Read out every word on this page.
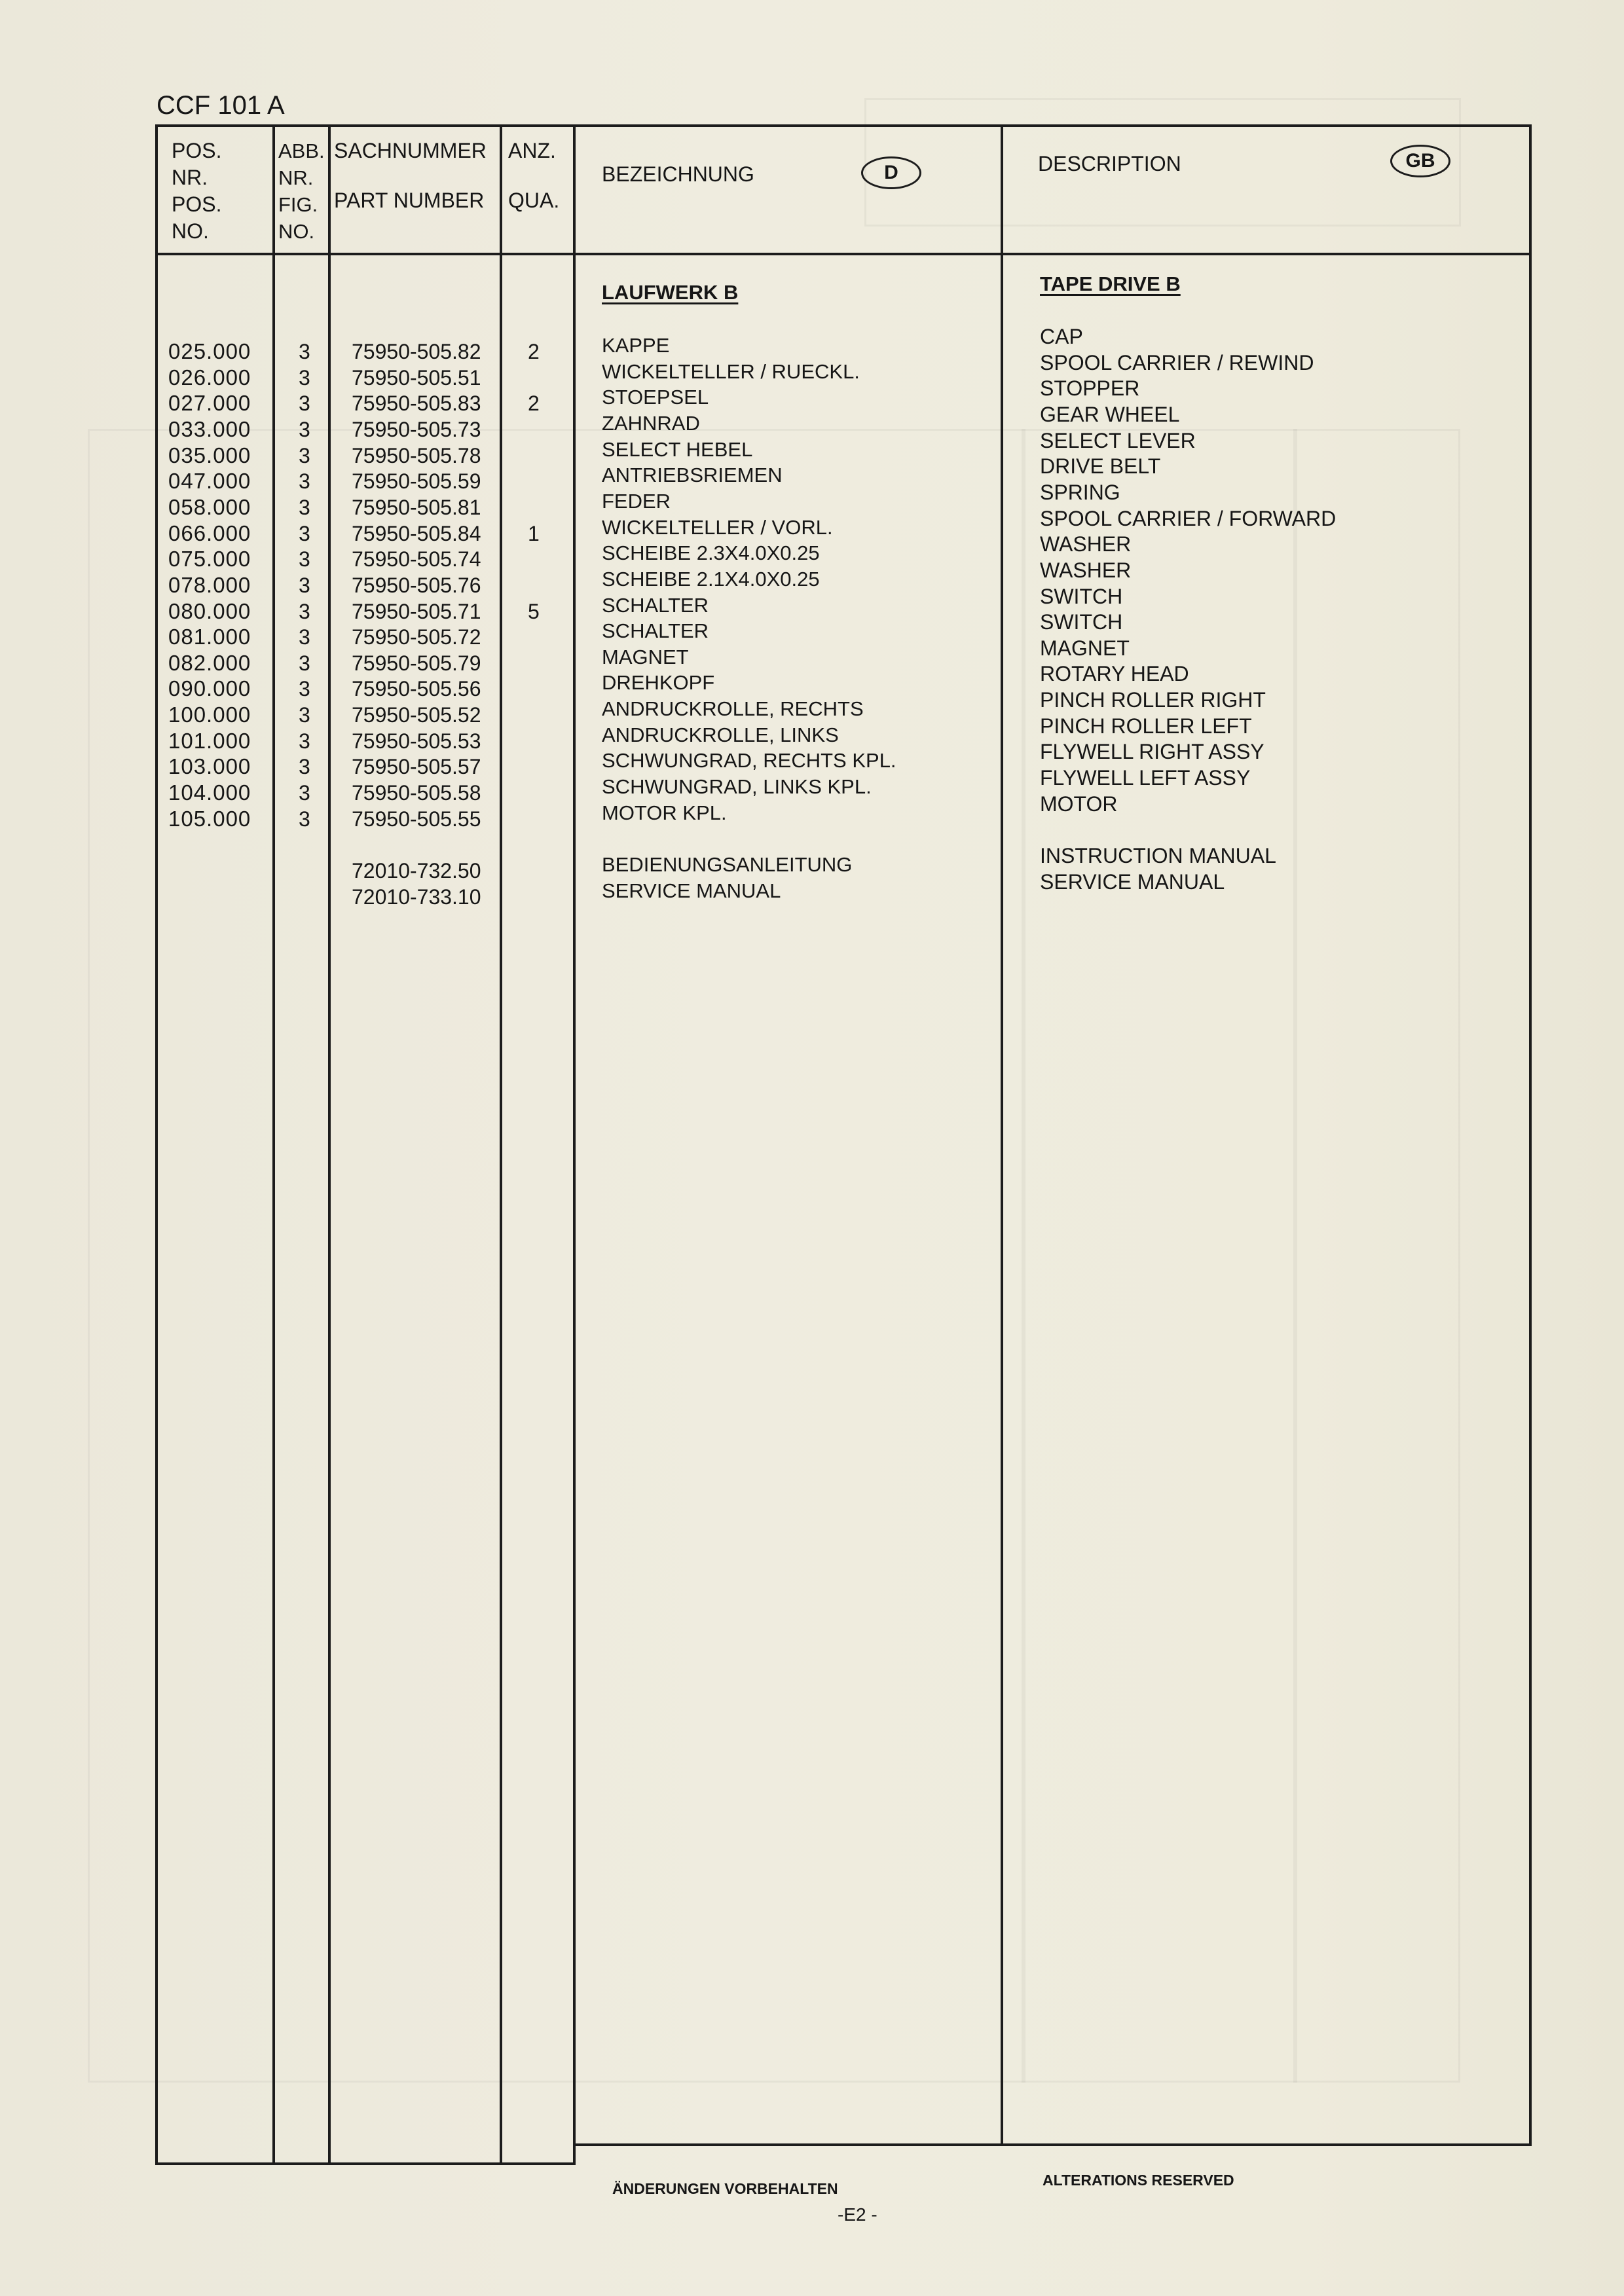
CCF 101 A
POS.
NR.
POS.
NO.
ABB.
NR.
FIG.
NO.
SACHNUMMER
PART NUMBER
ANZ.
QUA.
BEZEICHNUNG	D	DESCRIPTION	GB
LAUFWERK B	TAPE DRIVE B
025.000 3 75950-505.82 2	KAPPE	CAP
026.000 3 75950-505.51	WICKELTELLER / RUECKL.	SPOOL CARRIER / REWIND
027.000 3 75950-505.83 2	STOEPSEL	STOPPER
033.000 3 75950-505.73	ZAHNRAD	GEAR WHEEL
035.000 3 75950-505.78	SELECT HEBEL	SELECT LEVER
047.000 3 75950-505.59	ANTRIEBSRIEMEN	DRIVE BELT
058.000 3 75950-505.81	FEDER	SPRING
066.000 3 75950-505.84 1	WICKELTELLER / VORL.	SPOOL CARRIER / FORWARD
075.000 3 75950-505.74	SCHEIBE 2.3X4.0X0.25	WASHER
078.000 3 75950-505.76	SCHEIBE 2.1X4.0X0.25	WASHER
080.000 3 75950-505.71 5	SCHALTER	SWITCH
081.000 3 75950-505.72	SCHALTER	SWITCH
082.000 3 75950-505.79	MAGNET	MAGNET
090.000 3 75950-505.56	DREHKOPF	ROTARY HEAD
100.000 3 75950-505.52	ANDRUCKROLLE, RECHTS	PINCH ROLLER RIGHT
101.000 3 75950-505.53	ANDRUCKROLLE, LINKS	PINCH ROLLER LEFT
103.000 3 75950-505.57	SCHWUNGRAD, RECHTS KPL.	FLYWELL RIGHT ASSY
104.000 3 75950-505.58	SCHWUNGRAD, LINKS KPL.	FLYWELL LEFT ASSY
105.000 3 75950-505.55	MOTOR KPL.	MOTOR
72010-732.50	BEDIENUNGSANLEITUNG	INSTRUCTION MANUAL
72010-733.10	SERVICE MANUAL	SERVICE MANUAL
ÄNDERUNGEN VORBEHALTEN	ALTERATIONS RESERVED
-E2 -
